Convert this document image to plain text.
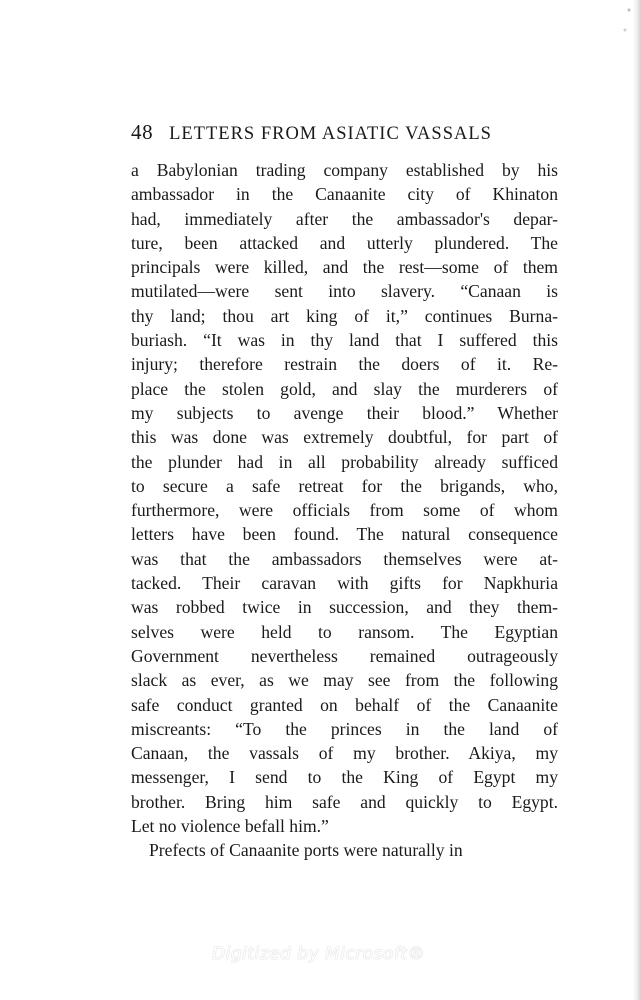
48 LETTERS FROM ASIATIC VASSALS
a Babylonian trading company established by his
ambassador in the Canaanite city of Khinaton
had, immediately after the ambassador's depar-
ture, been attacked and utterly plundered. The
principals were killed, and the rest—some of them
mutilated—were sent into slavery. “Canaan is
thy land; thou art king of it,” continues Burna-
buriash. “It was in thy land that I suffered this
injury; therefore restrain the doers of it. Re-
place the stolen gold, and slay the murderers of
my subjects to avenge their blood.” Whether
this was done was extremely doubtful, for part of
the plunder had in all probability already sufficed
to secure a safe retreat for the brigands, who,
furthermore, were officials from some of whom
letters have been found. The natural consequence
was that the ambassadors themselves were at-
tacked. Their caravan with gifts for Napkhuria
was robbed twice in succession, and they them-
selves were held to ransom. The Egyptian
Government nevertheless remained outrageously
slack as ever, as we may see from the following
safe conduct granted on behalf of the Canaanite
miscreants: “To the princes in the land of
Canaan, the vassals of my brother. Akiya, my
messenger, I send to the King of Egypt my
brother. Bring him safe and quickly to Egypt.
Let no violence befall him.”
Prefects of Canaanite ports were naturally in
Digitized by Microsoft®
